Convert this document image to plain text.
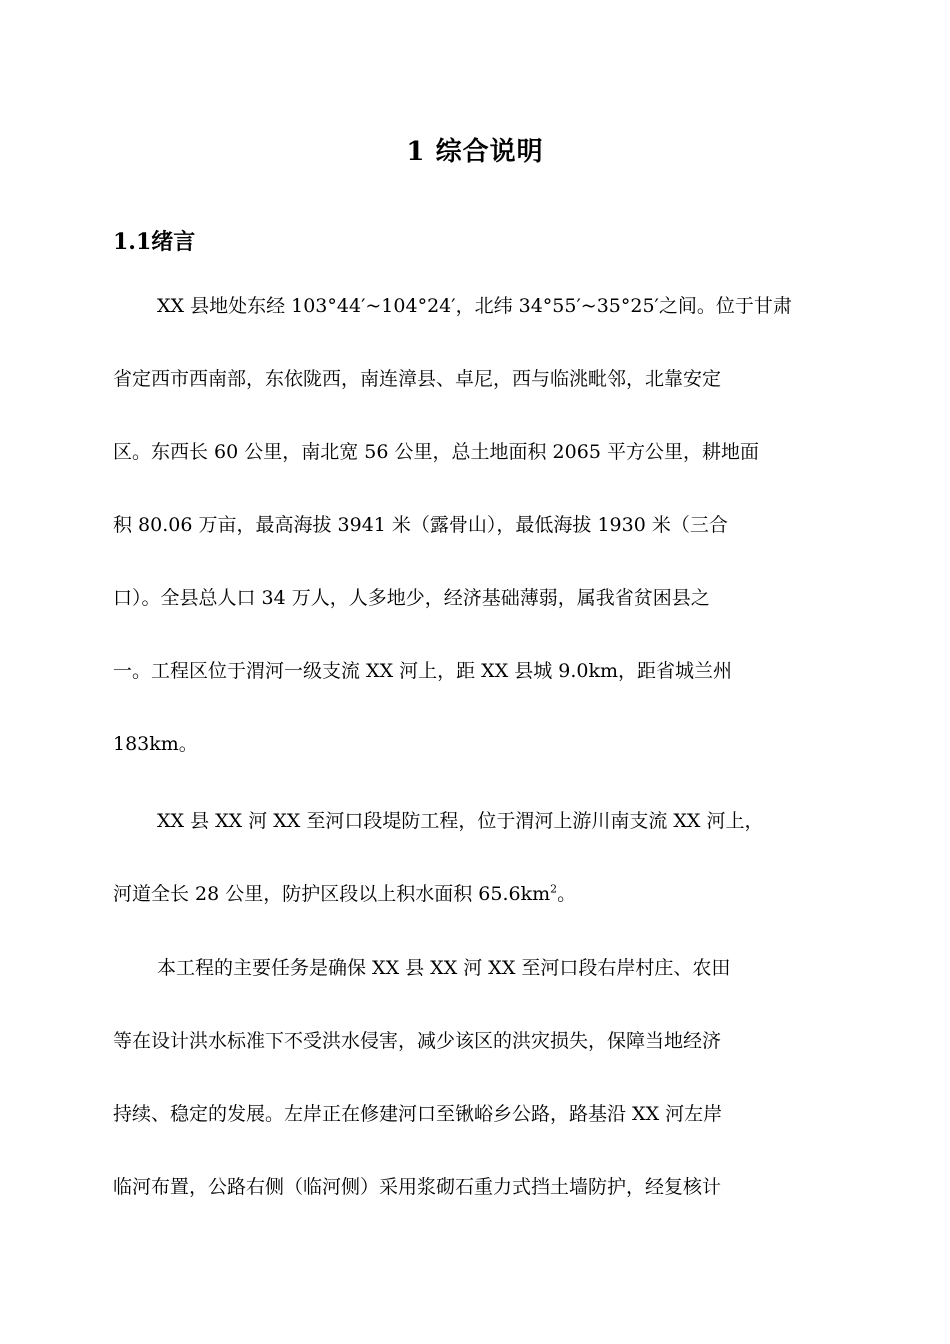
1 综合说明
1.1绪言
XX 县地处东经 103°44′~104°24′，北纬 34°55′~35°25′之间。位于甘肃
省定西市西南部，东依陇西，南连漳县、卓尼，西与临洮毗邻，北靠安定
区。东西长 60 公里，南北宽 56 公里，总土地面积 2065 平方公里，耕地面
积 80.06 万亩，最高海拔 3941 米（露骨山），最低海拔 1930 米（三合
口）。全县总人口 34 万人，人多地少，经济基础薄弱，属我省贫困县之
一。工程区位于渭河一级支流 XX 河上，距 XX 县城 9.0km，距省城兰州
183km。
XX 县 XX 河 XX 至河口段堤防工程，位于渭河上游川南支流 XX 河上，
河道全长 28 公里，防护区段以上积水面积 $65.6km^2$。
本工程的主要任务是确保 XX 县 XX 河 XX 至河口段右岸村庄、农田
等在设计洪水标准下不受洪水侵害，减少该区的洪灾损失，保障当地经济
持续、稳定的发展。左岸正在修建河口至锹峪乡公路，路基沿 XX 河左岸
临河布置，公路右侧（临河侧）采用浆砌石重力式挡土墙防护，经复核计
